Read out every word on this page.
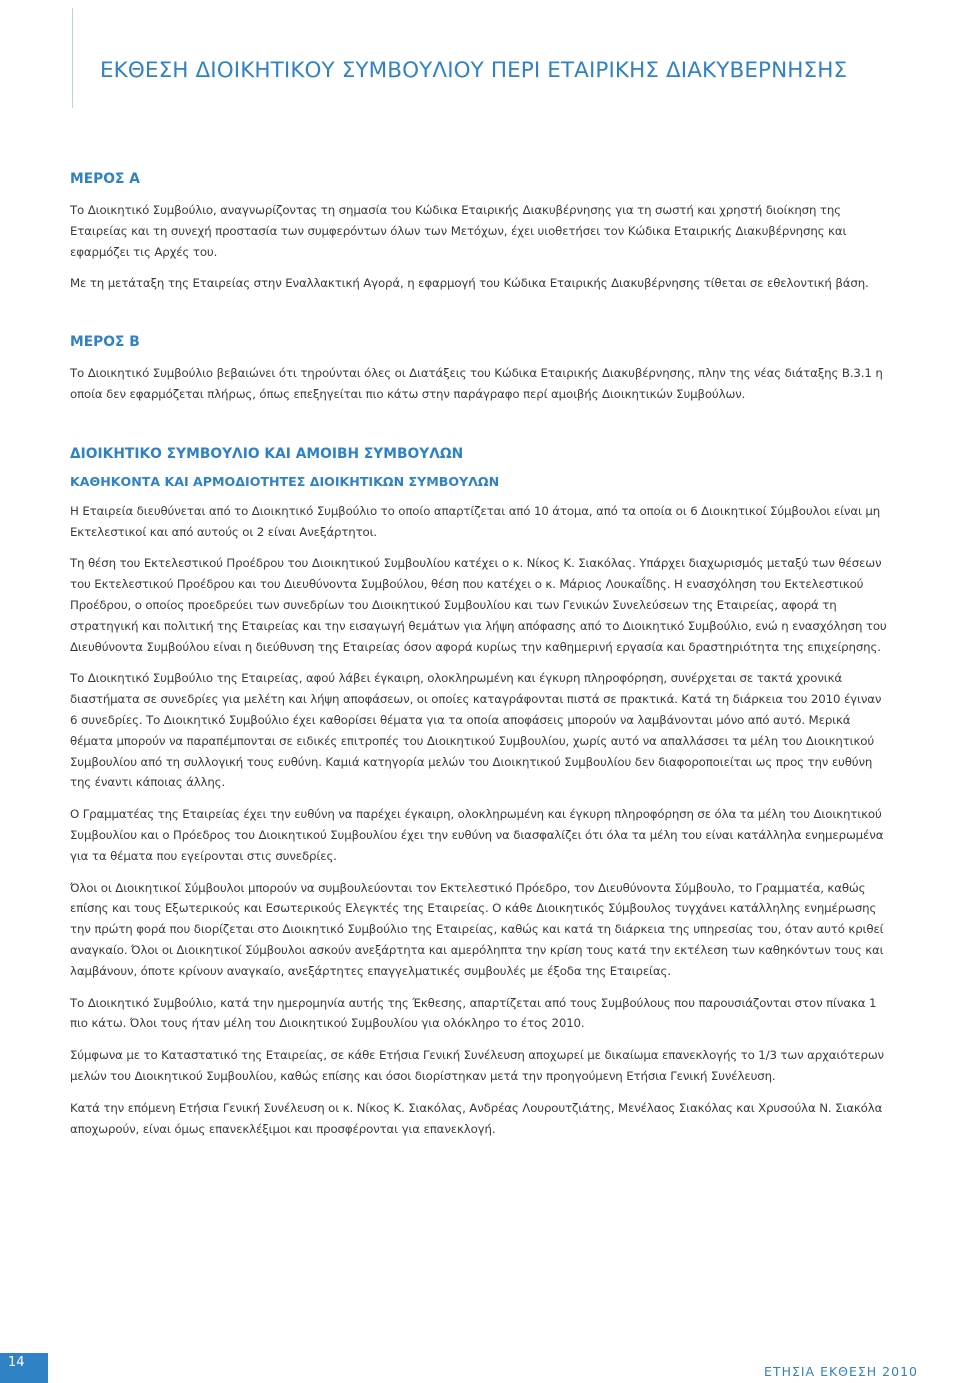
ΕΚΘΕΣΗ ΔΙΟΙΚΗΤΙΚΟΥ ΣΥΜΒΟΥΛΙΟΥ ΠΕΡΙ ΕΤΑΙΡΙΚΗΣ ΔΙΑΚΥΒΕΡΝΗΣΗΣ
ΜΕΡΟΣ Α

Το Διοικητικό Συμβούλιο, αναγνωρίζοντας τη σημασία του Κώδικα Εταιρικής Διακυβέρνησης για τη σωστή και χρηστή διοίκηση της Εταιρείας και τη συνεχή προστασία των συμφερόντων όλων των Μετόχων, έχει υιοθετήσει τον Κώδικα Εταιρικής Διακυβέρνησης και εφαρμόζει τις Αρχές του.

Με τη μετάταξη της Εταιρείας στην Εναλλακτική Αγορά, η εφαρμογή του Κώδικα Εταιρικής Διακυβέρνησης τίθεται σε εθελοντική βάση.

ΜΕΡΟΣ Β

Το Διοικητικό Συμβούλιο βεβαιώνει ότι τηρούνται όλες οι Διατάξεις του Κώδικα Εταιρικής Διακυβέρνησης, πλην της νέας διάταξης Β.3.1 η οποία δεν εφαρμόζεται πλήρως, όπως επεξηγείται πιο κάτω στην παράγραφο περί αμοιβής Διοικητικών Συμβούλων.

ΔΙΟΙΚΗΤΙΚΟ ΣΥΜΒΟΥΛΙΟ ΚΑΙ ΑΜΟΙΒΗ ΣΥΜΒΟΥΛΩΝ
ΚΑΘΗΚΟΝΤΑ ΚΑΙ ΑΡΜΟΔΙΟΤΗΤΕΣ ΔΙΟΙΚΗΤΙΚΩΝ ΣΥΜΒΟΥΛΩΝ

Η Εταιρεία διευθύνεται από το Διοικητικό Συμβούλιο το οποίο απαρτίζεται από 10 άτομα, από τα οποία οι 6 Διοικητικοί Σύμβουλοι είναι μη Εκτελεστικοί και από αυτούς οι 2 είναι Ανεξάρτητοι.

Τη θέση του Εκτελεστικού Προέδρου του Διοικητικού Συμβουλίου κατέχει ο κ. Νίκος Κ. Σιακόλας. Υπάρχει διαχωρισμός μεταξύ των θέσεων του Εκτελεστικού Προέδρου και του Διευθύνοντα Συμβούλου, θέση που κατέχει ο κ. Μάριος Λουκαΐδης. Η ενασχόληση του Εκτελεστικού Προέδρου, ο οποίος προεδρεύει των συνεδρίων του Διοικητικού Συμβουλίου και των Γενικών Συνελεύσεων της Εταιρείας, αφορά τη στρατηγική και πολιτική της Εταιρείας και την εισαγωγή θεμάτων για λήψη απόφασης από το Διοικητικό Συμβούλιο, ενώ η ενασχόληση του Διευθύνοντα Συμβούλου είναι η διεύθυνση της Εταιρείας όσον αφορά κυρίως την καθημερινή εργασία και δραστηριότητα της επιχείρησης.

Το Διοικητικό Συμβούλιο της Εταιρείας, αφού λάβει έγκαιρη, ολοκληρωμένη και έγκυρη πληροφόρηση, συνέρχεται σε τακτά χρονικά διαστήματα σε συνεδρίες για μελέτη και λήψη αποφάσεων, οι οποίες καταγράφονται πιστά σε πρακτικά. Κατά τη διάρκεια του 2010 έγιναν 6 συνεδρίες. Το Διοικητικό Συμβούλιο έχει καθορίσει θέματα για τα οποία αποφάσεις μπορούν να λαμβάνονται μόνο από αυτό. Μερικά θέματα μπορούν να παραπέμπονται σε ειδικές επιτροπές του Διοικητικού Συμβουλίου, χωρίς αυτό να απαλλάσσει τα μέλη του Διοικητικού Συμβουλίου από τη συλλογική τους ευθύνη. Καμιά κατηγορία μελών του Διοικητικού Συμβουλίου δεν διαφοροποιείται ως προς την ευθύνη της έναντι κάποιας άλλης.

Ο Γραμματέας της Εταιρείας έχει την ευθύνη να παρέχει έγκαιρη, ολοκληρωμένη και έγκυρη πληροφόρηση σε όλα τα μέλη του Διοικητικού Συμβουλίου και ο Πρόεδρος του Διοικητικού Συμβουλίου έχει την ευθύνη να διασφαλίζει ότι όλα τα μέλη του είναι κατάλληλα ενημερωμένα για τα θέματα που εγείρονται στις συνεδρίες.

Όλοι οι Διοικητικοί Σύμβουλοι μπορούν να συμβουλεύονται τον Εκτελεστικό Πρόεδρο, τον Διευθύνοντα Σύμβουλο, το Γραμματέα, καθώς επίσης και τους Εξωτερικούς και Εσωτερικούς Ελεγκτές της Εταιρείας. Ο κάθε Διοικητικός Σύμβουλος τυγχάνει κατάλληλης ενημέρωσης την πρώτη φορά που διορίζεται στο Διοικητικό Συμβούλιο της Εταιρείας, καθώς και κατά τη διάρκεια της υπηρεσίας του, όταν αυτό κριθεί αναγκαίο. Όλοι οι Διοικητικοί Σύμβουλοι ασκούν ανεξάρτητα και αμερόληπτα την κρίση τους κατά την εκτέλεση των καθηκόντων τους και λαμβάνουν, όποτε κρίνουν αναγκαίο, ανεξάρτητες επαγγελματικές συμβουλές με έξοδα της Εταιρείας.

Το Διοικητικό Συμβούλιο, κατά την ημερομηνία αυτής της Έκθεσης, απαρτίζεται από τους Συμβούλους που παρουσιάζονται στον πίνακα 1 πιο κάτω. Όλοι τους ήταν μέλη του Διοικητικού Συμβουλίου για ολόκληρο το έτος 2010.

Σύμφωνα με το Καταστατικό της Εταιρείας, σε κάθε Ετήσια Γενική Συνέλευση αποχωρεί με δικαίωμα επανεκλογής το 1/3 των αρχαιότερων μελών του Διοικητικού Συμβουλίου, καθώς επίσης και όσοι διορίστηκαν μετά την προηγούμενη Ετήσια Γενική Συνέλευση.

Κατά την επόμενη Ετήσια Γενική Συνέλευση οι κ. Νίκος Κ. Σιακόλας, Ανδρέας Λουρουτζιάτης, Μενέλαος Σιακόλας και Χρυσούλα Ν. Σιακόλα αποχωρούν, είναι όμως επανεκλέξιμοι και προσφέρονται για επανεκλογή.

14
ΕΤΗΣΙΑ ΕΚΘΕΣΗ 2010
